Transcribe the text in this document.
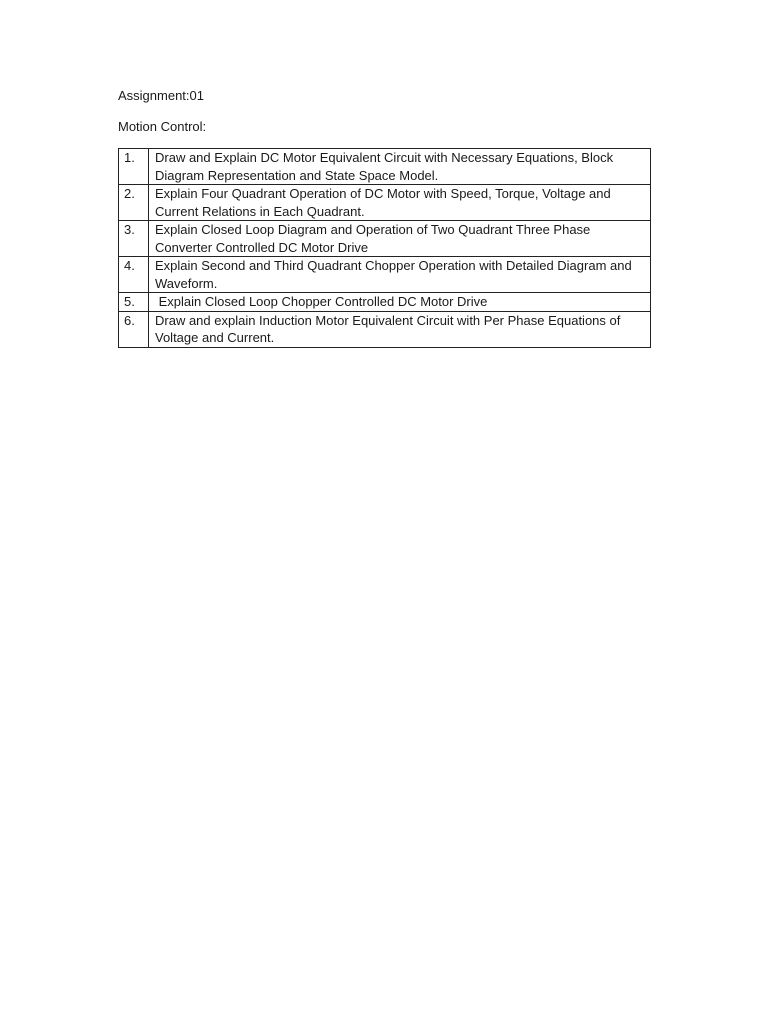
Assignment:01
Motion Control:
1.	Draw and Explain DC Motor Equivalent Circuit with Necessary Equations, Block Diagram Representation and State Space Model.
2.	Explain Four Quadrant Operation of DC Motor with Speed, Torque, Voltage and Current Relations in Each Quadrant.
3.	Explain Closed Loop Diagram and Operation of Two Quadrant Three Phase Converter Controlled DC Motor Drive
4.	Explain Second and Third Quadrant Chopper Operation with Detailed Diagram and Waveform.
5.	Explain Closed Loop Chopper Controlled DC Motor Drive
6.	Draw and explain Induction Motor Equivalent Circuit with Per Phase Equations of Voltage and Current.
